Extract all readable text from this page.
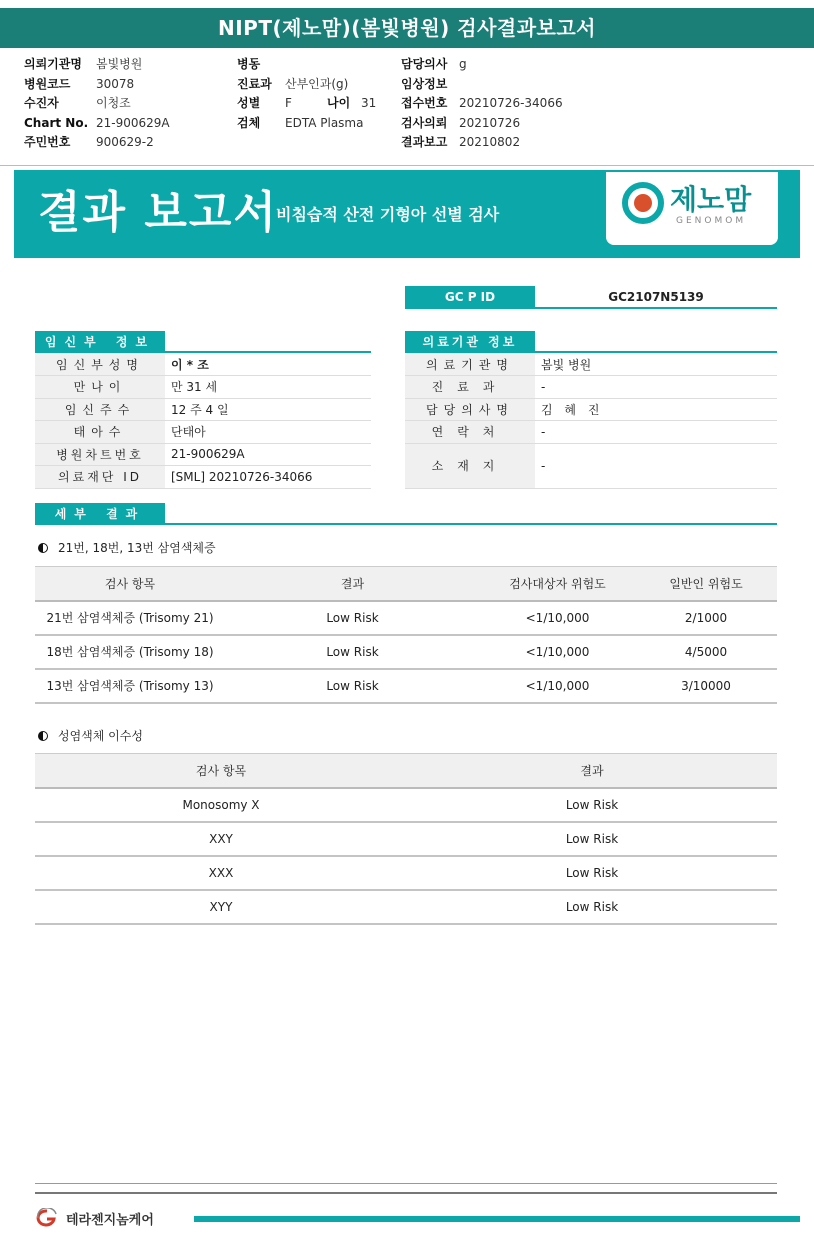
NIPT(제노맘)(봄빛병원) 검사결과보고서
의뢰기관명	봄빛병원
병원코드	30078
수진자	이청조
Chart No. 21-900629A
주민번호	900629-2
병동
진료과	산부인과(g)
성별	F	나이 31
검체	EDTA Plasma
담당의사 g
임상정보
접수번호 20210726-34066
검사의뢰 20210726
결과보고 20210802
결과 보고서
비침습적 산전 기형아 선별 검사	제노맘
GENOMOM
GC P ID	GC2107N5139
임신부 정보
임신부성명	이 * 조
만나이	만 31 세
임신주수	12 주 4 일
태아수	단태아
병원차트번호	21-900629A
의료재단 ID	[SML] 20210726-34066
의료기관 정보
의료기관명	봄빛 병원
진료과	-
담당의사명	김 혜 진
연락처	-
소재지	-
세부 결과
21번, 18번, 13번 삼염색체증
검사 항목	결과	검사대상자 위험도	일반인 위험도
21번 삼염색체증 (Trisomy 21)	Low Risk	<1/10,000	2/1000
18번 삼염색체증 (Trisomy 18)	Low Risk	<1/10,000	4/5000
13번 삼염색체증 (Trisomy 13)	Low Risk	<1/10,000	3/10000
성염색체 이수성
검사 항목	결과
Monosomy X	Low Risk
XXY	Low Risk
XXX	Low Risk
XYY	Low Risk
테라젠지놈케어
